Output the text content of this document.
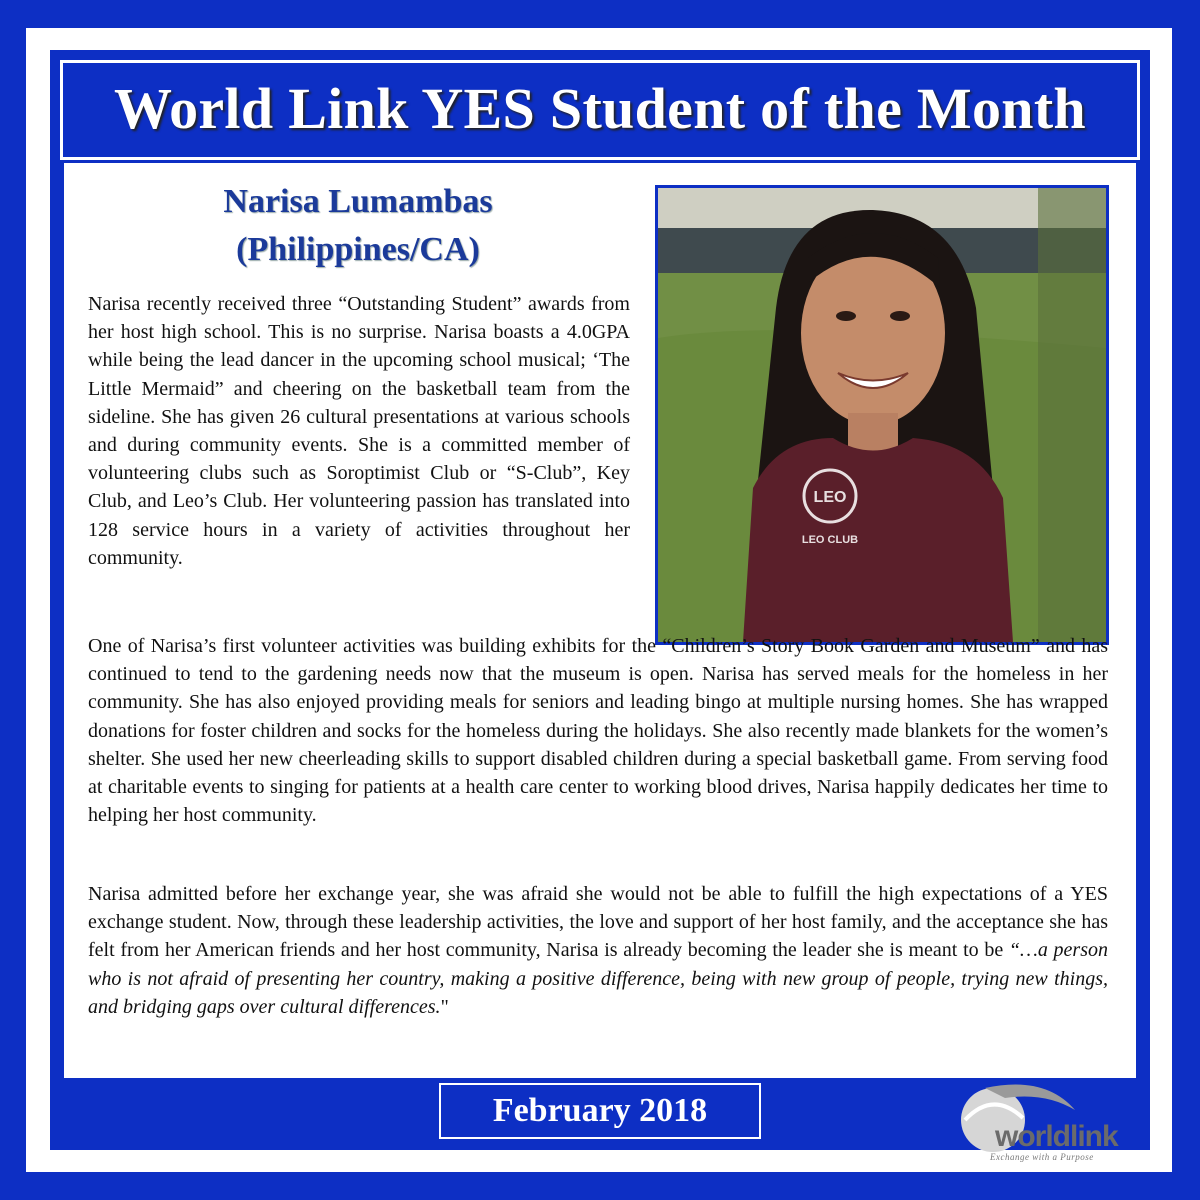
World Link YES Student of the Month
Narisa Lumambas
(Philippines/CA)
LEO
LEO CLUB
Narisa recently received three “Outstanding Student” awards from her host high school. This is no surprise. Narisa boasts a 4.0GPA while being the lead dancer in the upcoming school musical; ‘The Little Mermaid” and cheering on the basketball team from the sideline. She has given 26 cultural presentations at various schools and during community events. She is a committed member of volunteering clubs such as Soroptimist Club or “S-Club”, Key Club, and Leo’s Club. Her volunteering passion has translated into 128 service hours in a variety of activities throughout her community.
One of Narisa’s first volunteer activities was building exhibits for the “Children’s Story Book Garden and Museum” and has continued to tend to the gardening needs now that the museum is open. Narisa has served meals for the homeless in her community. She has also enjoyed providing meals for seniors and leading bingo at multiple nursing homes. She has wrapped donations for foster children and socks for the homeless during the holidays. She also recently made blankets for the women’s shelter. She used her new cheerleading skills to support disabled children during a special basketball game. From serving food at charitable events to singing for patients at a health care center to working blood drives, Narisa happily dedicates her time to helping her host community.
Narisa admitted before her exchange year, she was afraid she would not be able to fulfill the high expectations of a YES exchange student. Now, through these leadership activities, the love and support of her host family, and the acceptance she has felt from her American friends and her host community, Narisa is already becoming the leader she is meant to be “…a person who is not afraid of presenting her country, making a positive difference, being with new group of people, trying new things, and bridging gaps over cultural differences."
February 2018
worldlink
Exchange with a Purpose
